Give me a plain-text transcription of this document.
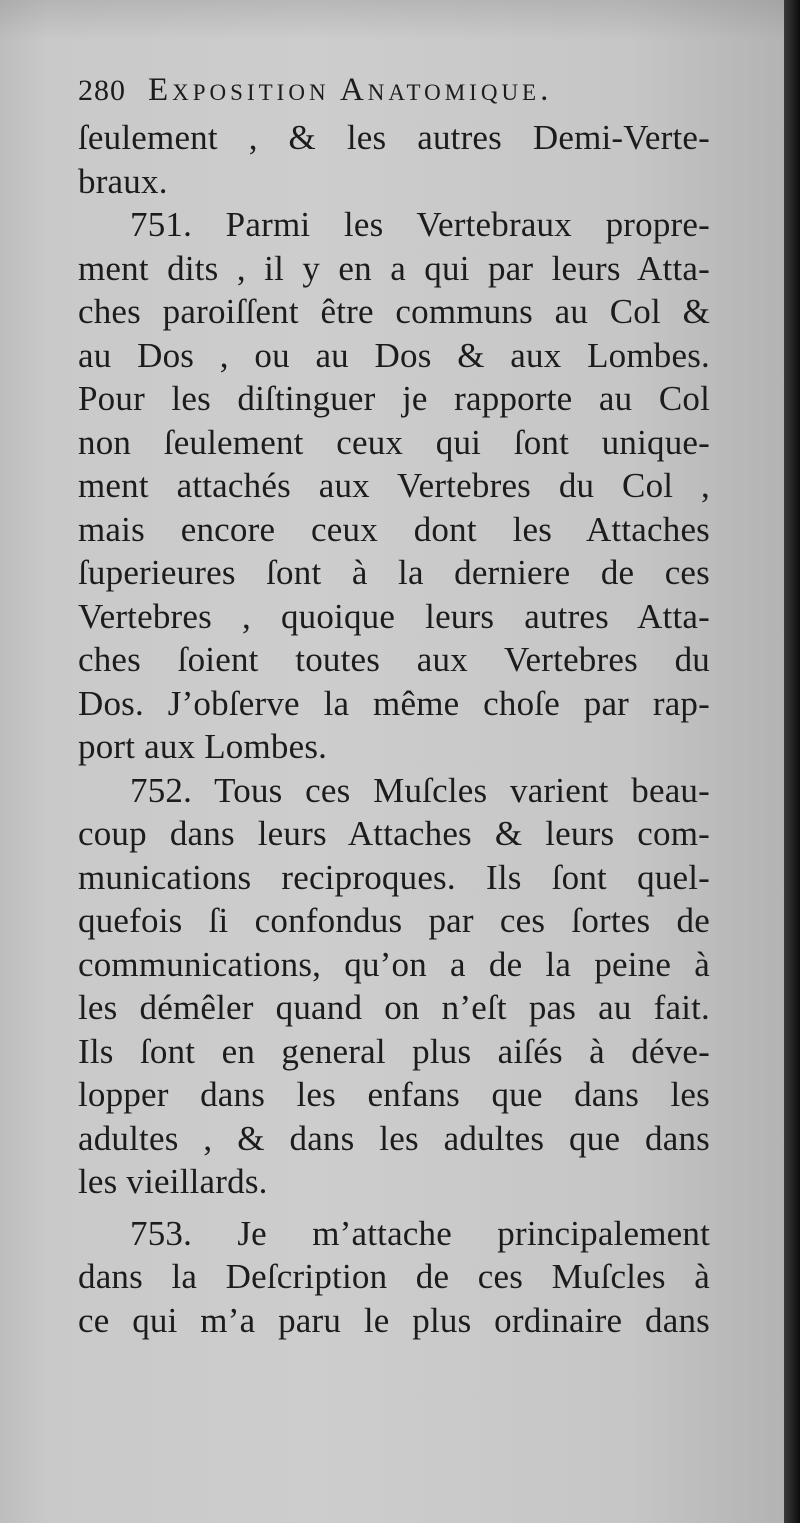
280 Exposition Anatomique.
ſeulement , & les autres Demi-Verte-
braux.
751. Parmi les Vertebraux propre-
ment dits , il y en a qui par leurs Atta-
ches paroiſſent être communs au Col &
au Dos , ou au Dos & aux Lombes.
Pour les diſtinguer je rapporte au Col
non ſeulement ceux qui ſont unique-
ment attachés aux Vertebres du Col ,
mais encore ceux dont les Attaches
ſuperieures ſont à la derniere de ces
Vertebres , quoique leurs autres Atta-
ches ſoient toutes aux Vertebres du
Dos. J’obſerve la même choſe par rap-
port aux Lombes.
752. Tous ces Muſcles varient beau-
coup dans leurs Attaches & leurs com-
munications reciproques. Ils ſont quel-
quefois ſi confondus par ces ſortes de
communications, qu’on a de la peine à
les démêler quand on n’eſt pas au fait.
Ils ſont en general plus aiſés à déve-
lopper dans les enfans que dans les
adultes , & dans les adultes que dans
les vieillards.
753. Je m’attache principalement
dans la Deſcription de ces Muſcles à
ce qui m’a paru le plus ordinaire dans
